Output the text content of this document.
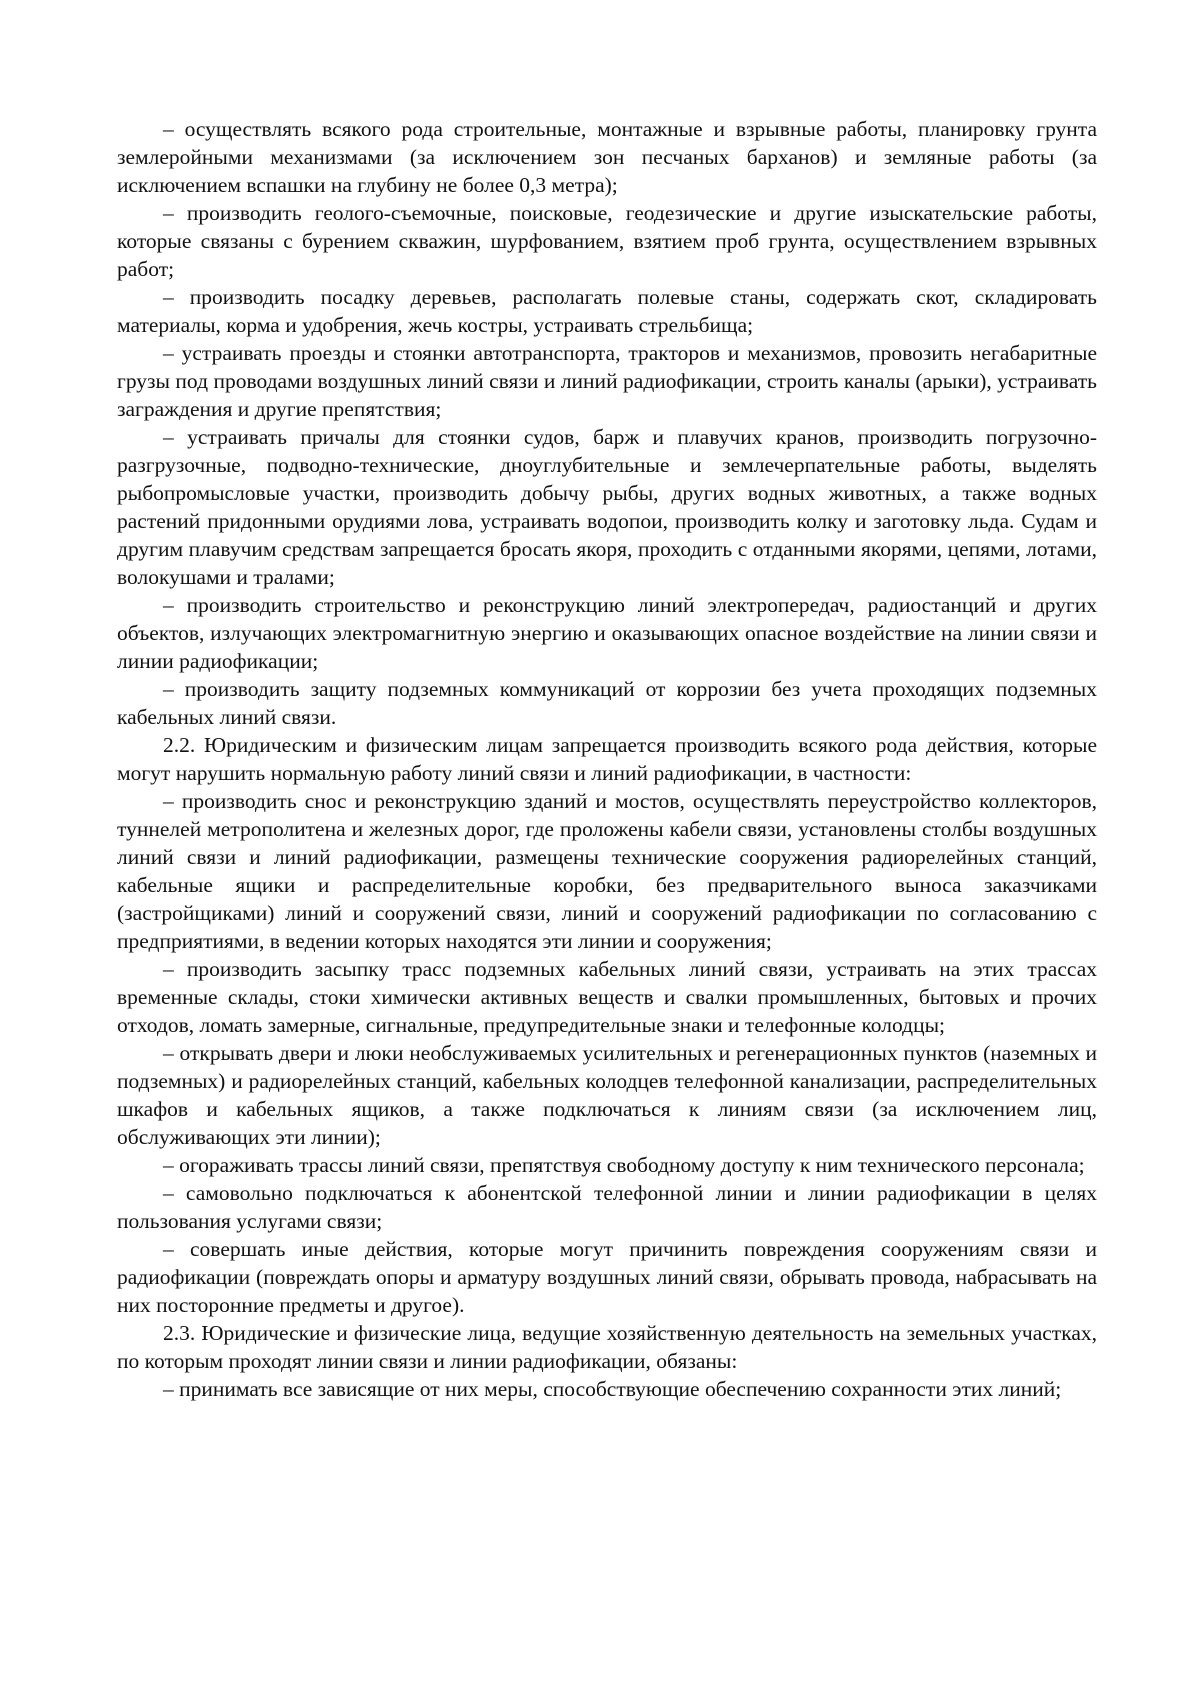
– осуществлять всякого рода строительные, монтажные и взрывные работы, планировку грунта землеройными механизмами (за исключением зон песчаных барханов) и земляные работы (за исключением вспашки на глубину не более 0,3 метра);

– производить геолого-съемочные, поисковые, геодезические и другие изыскательские работы, которые связаны с бурением скважин, шурфованием, взятием проб грунта, осуществлением взрывных работ;

– производить посадку деревьев, располагать полевые станы, содержать скот, складировать материалы, корма и удобрения, жечь костры, устраивать стрельбища;

– устраивать проезды и стоянки автотранспорта, тракторов и механизмов, провозить негабаритные грузы под проводами воздушных линий связи и линий радиофикации, строить каналы (арыки), устраивать заграждения и другие препятствия;

– устраивать причалы для стоянки судов, барж и плавучих кранов, производить погрузочно-разгрузочные, подводно-технические, дноуглубительные и землечерпательные работы, выделять рыбопромысловые участки, производить добычу рыбы, других водных животных, а также водных растений придонными орудиями лова, устраивать водопои, производить колку и заготовку льда. Судам и другим плавучим средствам запрещается бросать якоря, проходить с отданными якорями, цепями, лотами, волокушами и тралами;

– производить строительство и реконструкцию линий электропередач, радиостанций и других объектов, излучающих электромагнитную энергию и оказывающих опасное воздействие на линии связи и линии радиофикации;

– производить защиту подземных коммуникаций от коррозии без учета проходящих подземных кабельных линий связи.

2.2. Юридическим и физическим лицам запрещается производить всякого рода действия, которые могут нарушить нормальную работу линий связи и линий радиофикации, в частности:

– производить снос и реконструкцию зданий и мостов, осуществлять переустройство коллекторов, туннелей метрополитена и железных дорог, где проложены кабели связи, установлены столбы воздушных линий связи и линий радиофикации, размещены технические сооружения радиорелейных станций, кабельные ящики и распределительные коробки, без предварительного выноса заказчиками (застройщиками) линий и сооружений связи, линий и сооружений радиофикации по согласованию с предприятиями, в ведении которых находятся эти линии и сооружения;

– производить засыпку трасс подземных кабельных линий связи, устраивать на этих трассах временные склады, стоки химически активных веществ и свалки промышленных, бытовых и прочих отходов, ломать замерные, сигнальные, предупредительные знаки и телефонные колодцы;

– открывать двери и люки необслуживаемых усилительных и регенерационных пунктов (наземных и подземных) и радиорелейных станций, кабельных колодцев телефонной канализации, распределительных шкафов и кабельных ящиков, а также подключаться к линиям связи (за исключением лиц, обслуживающих эти линии);

– огораживать трассы линий связи, препятствуя свободному доступу к ним технического персонала;

– самовольно подключаться к абонентской телефонной линии и линии радиофикации в целях пользования услугами связи;

– совершать иные действия, которые могут причинить повреждения сооружениям связи и радиофикации (повреждать опоры и арматуру воздушных линий связи, обрывать провода, набрасывать на них посторонние предметы и другое).

2.3. Юридические и физические лица, ведущие хозяйственную деятельность на земельных участках, по которым проходят линии связи и линии радиофикации, обязаны:

– принимать все зависящие от них меры, способствующие обеспечению сохранности этих линий;
